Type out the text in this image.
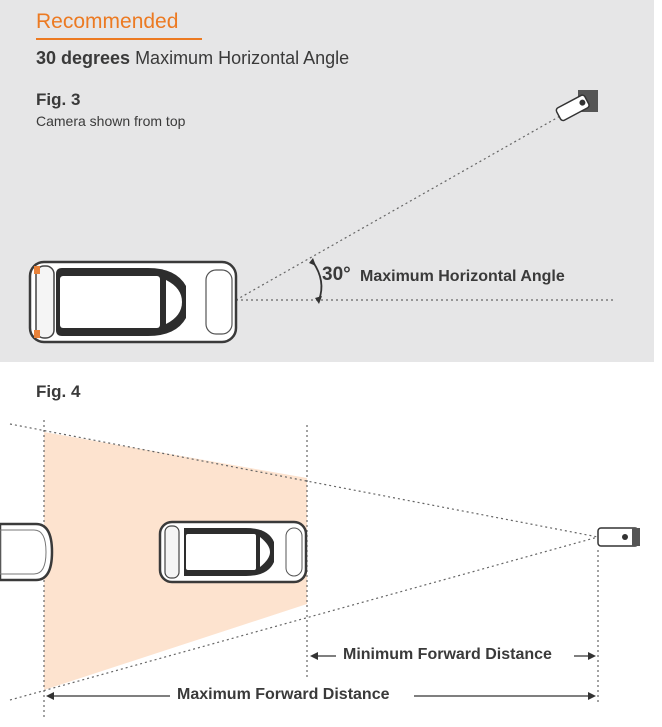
Recommended
30 degrees Maximum Horizontal Angle
Fig. 3
Camera shown from top
30° Maximum Horizontal Angle
Fig. 4
Minimum Forward Distance
Maximum Forward Distance
